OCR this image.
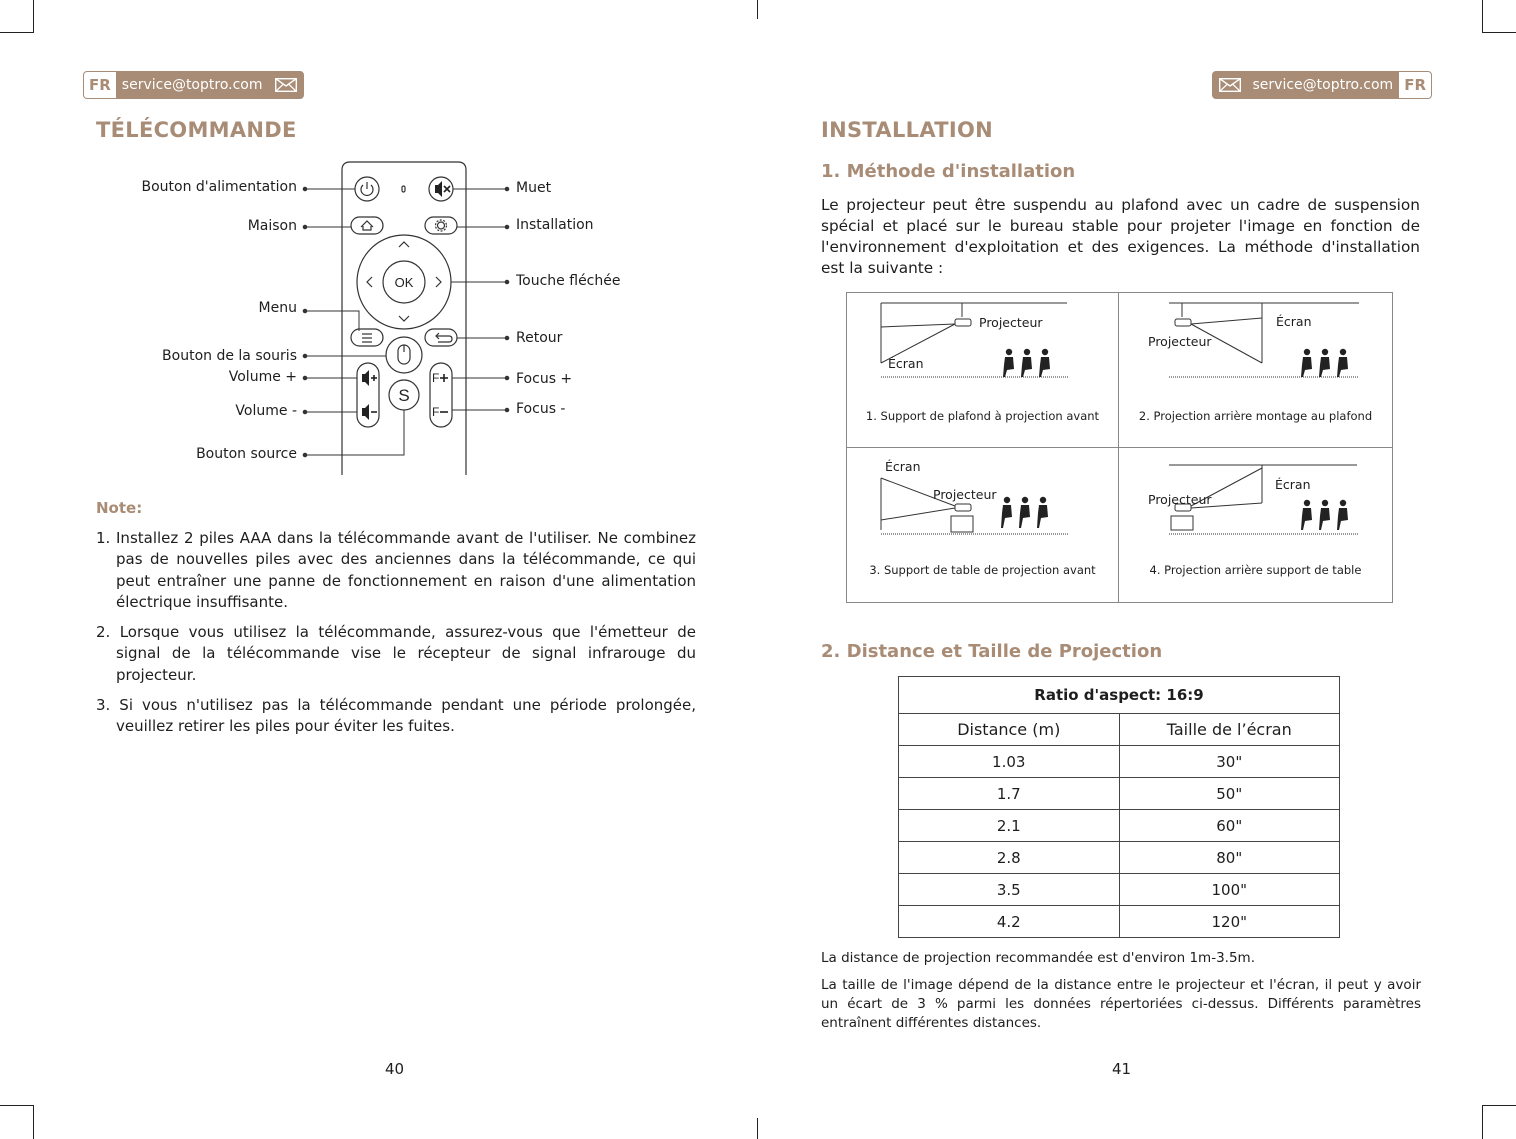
FR service@toptro.com
TÉLÉCOMMANDE
OK
S
F
F
Bouton d'alimentation
Maison
Menu
Bouton de la souris
Volume +
Volume -
Bouton source
Muet
Installation
Touche fléchée
Retour
Focus +
Focus -

Note:

1. Installez 2 piles AAA dans la télécommande avant de l'utiliser. Ne combinez pas de nouvelles piles avec des anciennes dans la télécommande, ce qui peut entraîner une panne de fonctionnement en raison d'une alimentation électrique insuffisante.
2. Lorsque vous utilisez la télécommande, assurez-vous que l'émetteur de signal de la télécommande vise le récepteur de signal infrarouge du projecteur.
3. Si vous n'utilisez pas la télécommande pendant une période prolongée, veuillez retirer les piles pour éviter les fuites.
40
service@toptro.com FR
INSTALLATION
1. Méthode d'installation

Le projecteur peut être suspendu au plafond avec un cadre de suspension spécial et placé sur le bureau stable pour projeter l'image en fonction de l'environnement d'exploitation et des exigences. La méthode d'installation est la suivante :

Projecteur
Écran
1. Support de plafond à projection avant
Projecteur
Écran
2. Projection arrière montage au plafond
Écran
Projecteur
3. Support de table de projection avant
Projecteur
Écran
4. Projection arrière support de table
2. Distance et Taille de Projection
Ratio d'aspect: 16:9	
Distance (m)	Taille de l’écran
1.03	30"
1.7	50"
2.1	60"
2.8	80"
3.5	100"
4.2	120"

La distance de projection recommandée est d'environ 1m-3.5m.

La taille de l'image dépend de la distance entre le projecteur et l'écran, il peut y avoir un écart de 3 % parmi les données répertoriées ci-dessus. Différents paramètres entraînent différentes distances.

41
